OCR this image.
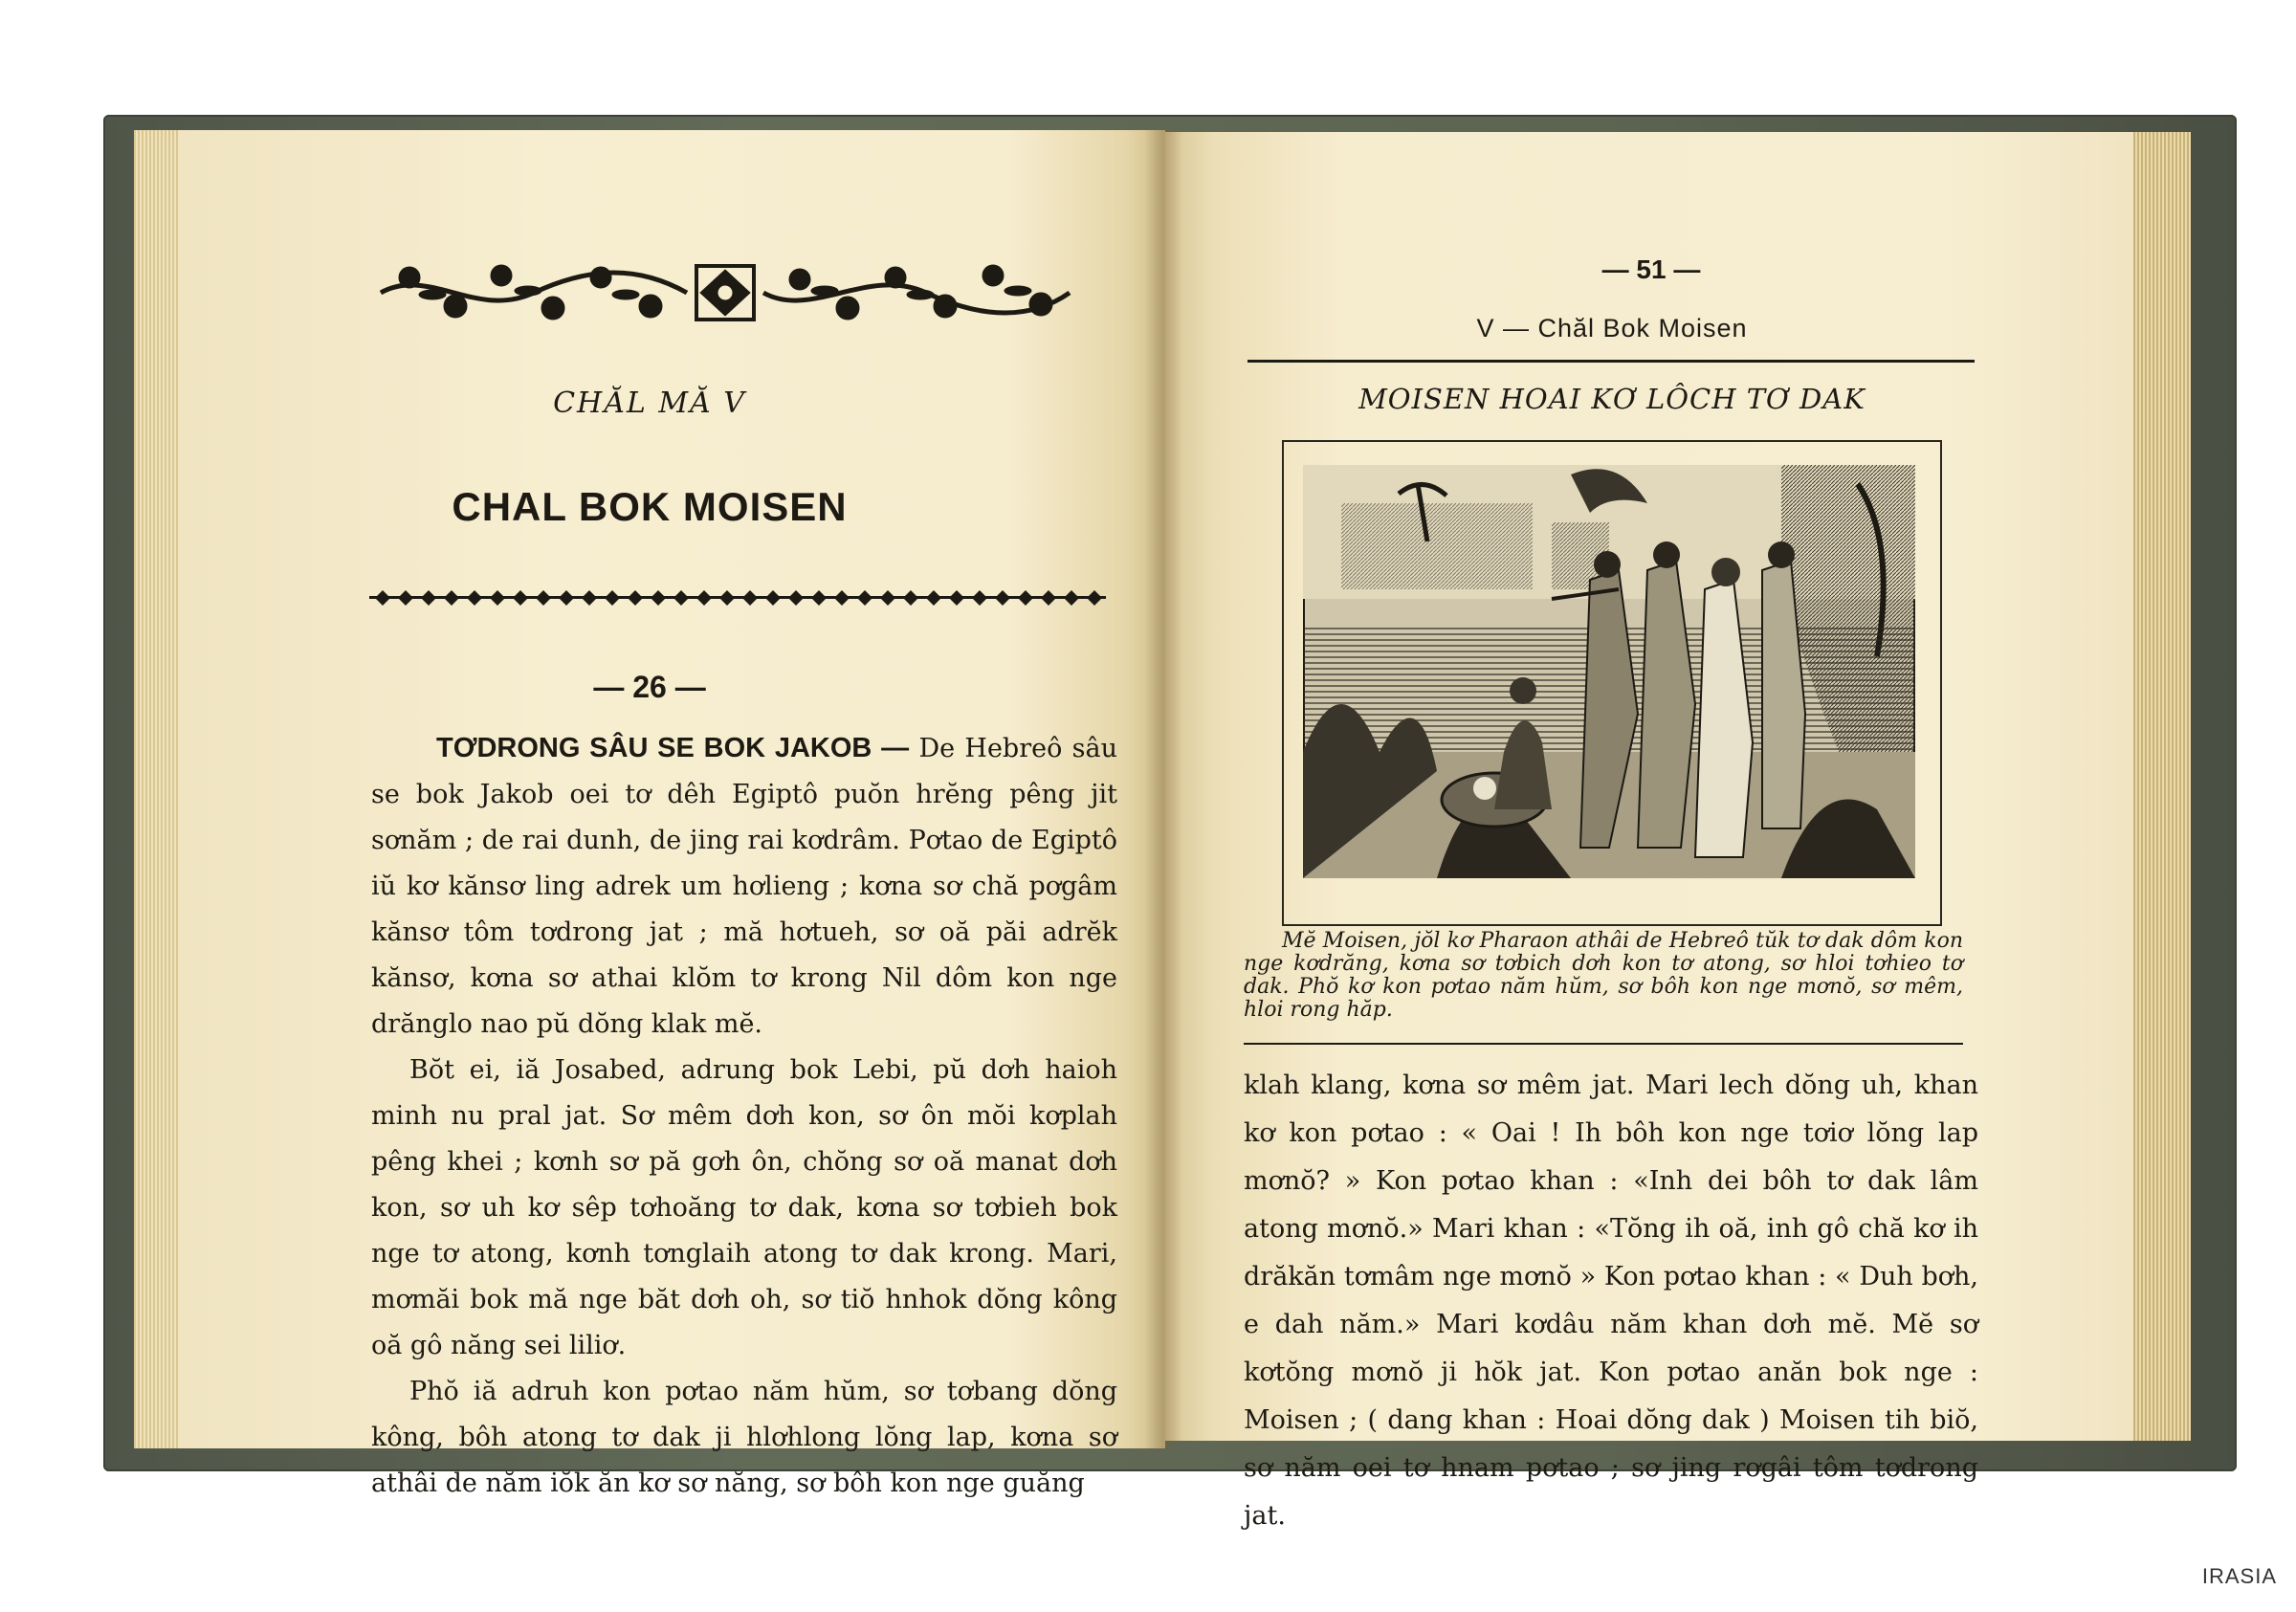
CHĂL MĂ V
CHAL BOK MOISEN
— 26 —

TƠDRONG SÂU SE BOK JAKOB — De Hebreô sâu se bok Jakob oei tơ dêh Egiptô puŏn hrĕng pêng jit sơnăm ; de rai dunh, de jing rai kơdrâm. Pơtao de Egiptô iŭ kơ kănsơ ling adrek um hơlieng ; kơna sơ chă pơgâm kănsơ tôm tơdrong jat ; mă hơtueh, sơ oă păi adrĕk kănsơ, kơna sơ athai klŏm tơ krong Nil dôm kon nge drănglo nao pŭ dŏng klak mĕ.

Bŏt ei, iă Josabed, adrung bok Lebi, pŭ dơh haioh minh nu pral jat. Sơ mêm dơh kon, sơ ôn mŏi kơplah pêng khei ; kơnh sơ pă gơh ôn, chŏng sơ oă manat dơh kon, sơ uh kơ sêp tơhoăng tơ dak, kơna sơ tơbieh bok nge tơ atong, kơnh tơnglaih atong tơ dak krong. Mari, mơmăi bok mă nge băt dơh oh, sơ tiŏ hnhok dŏng kông oă gô năng sei liliơ.

Phŏ iă adruh kon pơtao năm hŭm, sơ tơbang dŏng kông, bôh atong tơ dak ji hlơhlong lŏng lap, kơna sơ athâi de năm iŏk ăn kơ sơ năng, sơ bôh kon nge guăng

— 51 —
V — Chăl Bok Moisen
MOISEN HOAI KƠ LÔCH TƠ DAK
Mĕ Moisen, jŏl kơ Pharaon athâi de Hebreô tŭk tơ dak dôm kon nge kơdrăng, kơna sơ tơbich dơh kon tơ atong, sơ hloi tơhieo tơ dak. Phŏ kơ kon pơtao năm hŭm, sơ bôh kon nge mơnŏ, sơ mêm, hloi rong hăp.

klah klang, kơna sơ mêm jat. Mari lech dŏng uh, khan kơ kon pơtao : « Oai ! Ih bôh kon nge tơiơ lŏng lap mơnŏ? » Kon pơtao khan : «Inh dei bôh tơ dak lâm atong mơnŏ.» Mari khan : «Tŏng ih oă, inh gô chă kơ ih drăkăn tơmâm nge mơnŏ » Kon pơtao khan : « Duh bơh, e dah năm.» Mari kơdâu năm khan dơh mĕ. Mĕ sơ kơtŏng mơnŏ ji hŏk jat. Kon pơtao anăn bok nge : Moisen ; ( dang khan : Hoai dŏng dak ) Moisen tih biŏ, sơ năm oei tơ hnam pơtao ; sơ jing rơgâi tôm tơdrong jat.

IRASIA
